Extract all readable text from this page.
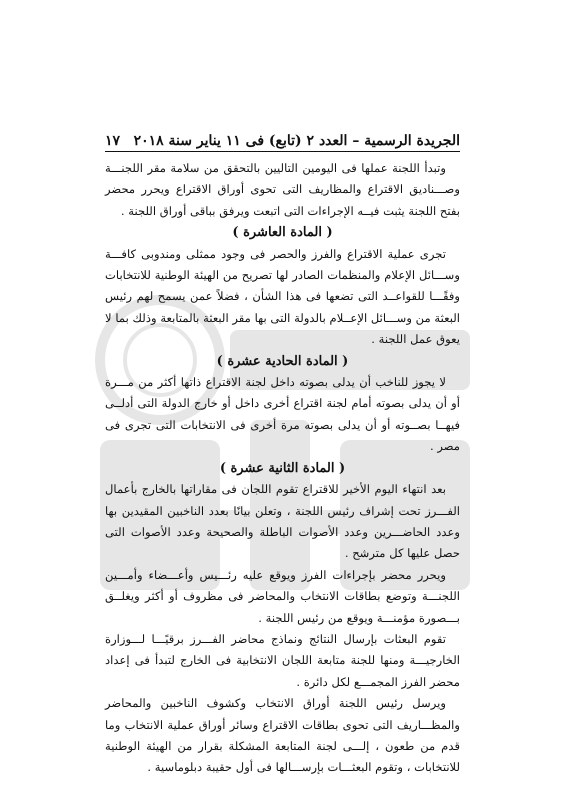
الجريدة الرسمية – العدد ٢ (تابع) فى ١١ يناير سنة ٢٠١٨
١٧

وتبدأ اللجنة عملها فى اليومين التاليين بالتحقق من سلامة مقر اللجنـــة وصـــناديق الاقتراع والمظاريف التى تحوى أوراق الاقتراع ويحرر محضر بفتح اللجنة يثبت فيــه الإجراءات التى اتبعت ويرفق بباقى أوراق اللجنة .

( المادة العاشرة )

تجرى عملية الاقتراع والفرز والحصر فى وجود ممثلى ومندوبى كافـــة وســـائل الإعلام والمنظمات الصادر لها تصريح من الهيئة الوطنية للانتخابات وفقًـــا للقواعــد التى تضعها فى هذا الشأن ، فضلاً عمن يسمح لهم رئيس البعثة من وســـائل الإعــلام بالدولة التى بها مقر البعثة بالمتابعة وذلك بما لا يعوق عمل اللجنة .

( المادة الحادية عشرة )

لا يجوز للناخب أن يدلى بصوته داخل لجنة الاقتراع ذاتها أكثر من مـــرة أو أن يدلى بصوته أمام لجنة اقتراع أخرى داخل أو خارج الدولة التى أدلــى فيهــا بصــوته أو أن يدلى بصوته مرة أخرى فى الانتخابات التى تجرى فى مصر .

( المادة الثانية عشرة )

بعد انتهاء اليوم الأخير للاقتراع تقوم اللجان فى مقاراتها بالخارج بأعمال الفـــرز تحت إشراف رئيس اللجنة ، وتعلن بيانًا بعدد الناخبين المقيدين بها وعدد الحاضـــرين وعدد الأصوات الباطلة والصحيحة وعدد الأصوات التى حصل عليها كل مترشح .

ويحرر محضر بإجراءات الفرز ويوقع عليه رئـــيس وأعـــضاء وأمـــين اللجنـــة وتوضع بطاقات الانتخاب والمحاضر فى مظروف أو أكثر ويغلــق بـــصورة مؤمنـــة ويوقع من رئيس اللجنة .

تقوم البعثات بإرسال النتائج ونماذج محاضر الفـــرز برقيًـــا لـــوزارة الخارجيـــة ومنها للجنة متابعة اللجان الانتخابية فى الخارج لتبدأ فى إعداد محضر الفرز المجمـــع لكل دائرة .

ويرسل رئيس اللجنة أوراق الانتخاب وكشوف الناخبين والمحاضر والمظـــاريف التى تحوى بطاقات الاقتراع وسائر أوراق عملية الانتخاب وما قدم من طعون ، إلـــى لجنة المتابعة المشكلة بقرار من الهيئة الوطنية للانتخابات ، وتقوم البعثـــات بإرســـالها فى أول حقيبة دبلوماسية .
